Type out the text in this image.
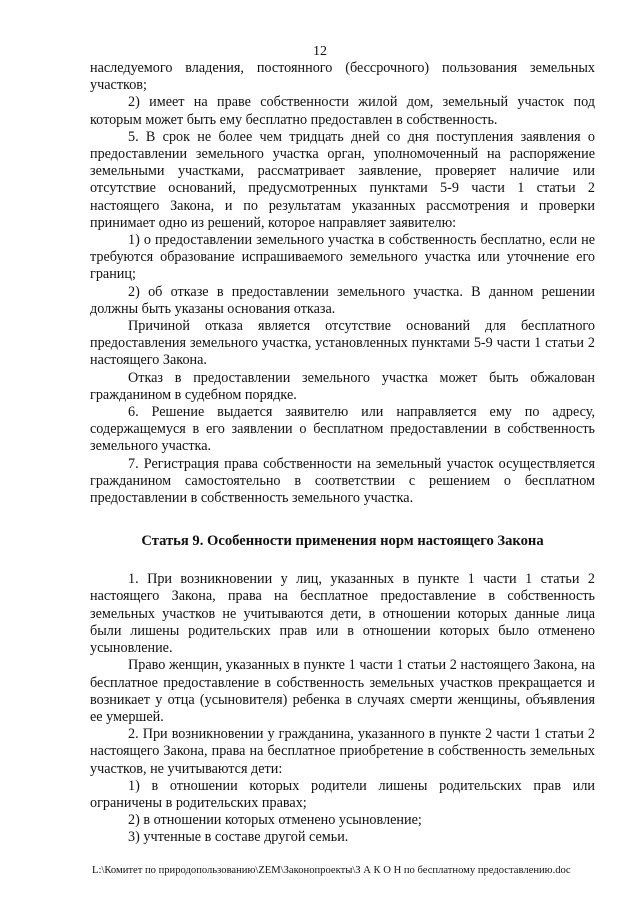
12

наследуемого владения, постоянного (бессрочного) пользования земельных участков;

2) имеет на праве собственности жилой дом, земельный участок под которым может быть ему бесплатно предоставлен в собственность.

5. В срок не более чем тридцать дней со дня поступления заявления о предоставлении земельного участка орган, уполномоченный на распоряжение земельными участками, рассматривает заявление, проверяет наличие или отсутствие оснований, предусмотренных пунктами 5-9 части 1 статьи 2 настоящего Закона, и по результатам указанных рассмотрения и проверки принимает одно из решений, которое направляет заявителю:

1) о предоставлении земельного участка в собственность бесплатно, если не требуются образование испрашиваемого земельного участка или уточнение его границ;

2) об отказе в предоставлении земельного участка. В данном решении должны быть указаны основания отказа.

Причиной отказа является отсутствие оснований для бесплатного предоставления земельного участка, установленных пунктами 5-9 части 1 статьи 2 настоящего Закона.

Отказ в предоставлении земельного участка может быть обжалован гражданином в судебном порядке.

6. Решение выдается заявителю или направляется ему по адресу, содержащемуся в его заявлении о бесплатном предоставлении в собственность земельного участка.

7. Регистрация права собственности на земельный участок осуществляется гражданином самостоятельно в соответствии с решением о бесплатном предоставлении в собственность земельного участка.

Статья 9. Особенности применения норм настоящего Закона

1. При возникновении у лиц, указанных в пункте 1 части 1 статьи 2 настоящего Закона, права на бесплатное предоставление в собственность земельных участков не учитываются дети, в отношении которых данные лица были лишены родительских прав или в отношении которых было отменено усыновление.

Право женщин, указанных в пункте 1 части 1 статьи 2 настоящего Закона, на бесплатное предоставление в собственность земельных участков прекращается и возникает у отца (усыновителя) ребенка в случаях смерти женщины, объявления ее умершей.

2. При возникновении у гражданина, указанного в пункте 2 части 1 статьи 2 настоящего Закона, права на бесплатное приобретение в собственность земельных участков, не учитываются дети:

1) в отношении которых родители лишены родительских прав или ограничены в родительских правах;

2) в отношении которых отменено усыновление;

3) учтенные в составе другой семьи.

L:\Комитет по природопользованию\ZEM\Законопроекты\З А К О Н по бесплатному предоставлению.doc
